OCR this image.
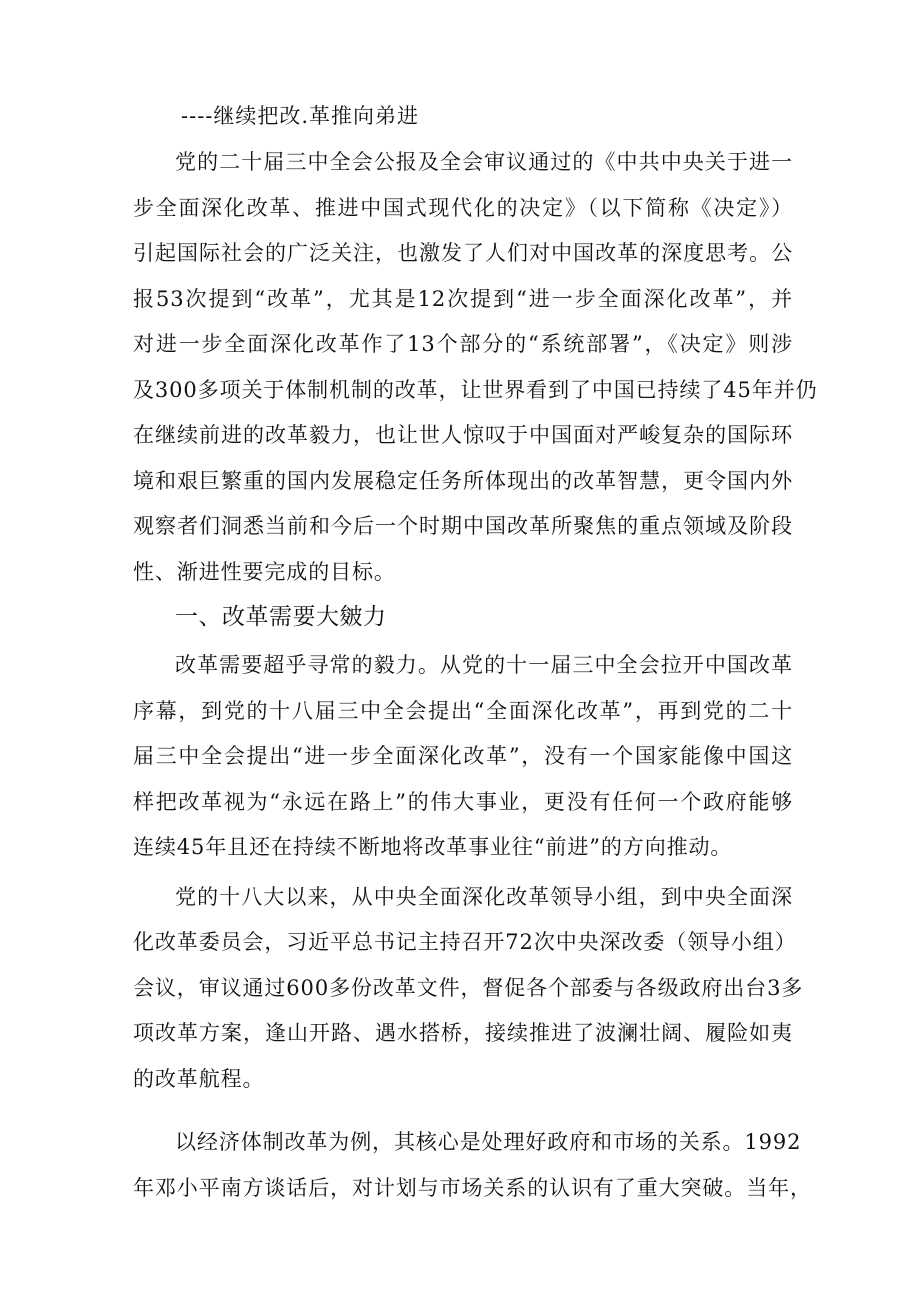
----继续把改.革推向弟进

党的二十届三中全会公报及全会审议通过的《中共中央关于进一
步全面深化改革、推进中国式现代化的决定》（以下简称《决定》）
引起国际社会的广泛关注，也激发了人们对中国改革的深度思考。公
报53次提到“改革”，尤其是12次提到“进一步全面深化改革”，并
对进一步全面深化改革作了13个部分的“系统部署”，《决定》则涉
及300多项关于体制机制的改革，让世界看到了中国已持续了45年并仍
在继续前进的改革毅力，也让世人惊叹于中国面对严峻复杂的国际环
境和艰巨繁重的国内发展稳定任务所体现出的改革智慧，更令国内外
观察者们洞悉当前和今后一个时期中国改革所聚焦的重点领域及阶段
性、渐进性要完成的目标。

一、改革需要大皴力

改革需要超乎寻常的毅力。从党的十一届三中全会拉开中国改革
序幕，到党的十八届三中全会提出“全面深化改革”，再到党的二十
届三中全会提出“进一步全面深化改革”，没有一个国家能像中国这
样把改革视为“永远在路上”的伟大事业，更没有任何一个政府能够
连续45年且还在持续不断地将改革事业往“前进”的方向推动。

党的十八大以来，从中央全面深化改革领导小组，到中央全面深
化改革委员会，习近平总书记主持召开72次中央深改委（领导小组）
会议，审议通过600多份改革文件，督促各个部委与各级政府出台3多
项改革方案，逢山开路、遇水搭桥，接续推进了波澜壮阔、履险如夷
的改革航程。

以经济体制改革为例，其核心是处理好政府和市场的关系。1992
年邓小平南方谈话后，对计划与市场关系的认识有了重大突破。当年，
